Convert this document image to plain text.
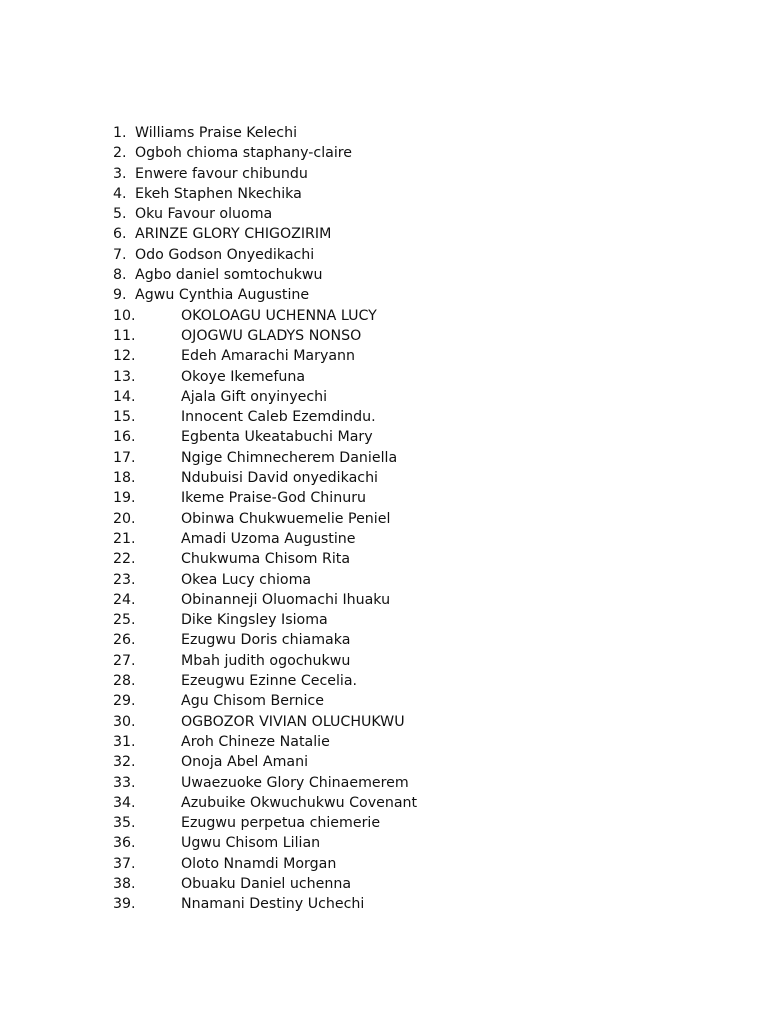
1. Williams Praise Kelechi
2. Ogboh chioma staphany-claire
3. Enwere favour chibundu
4. Ekeh Staphen Nkechika
5. Oku Favour oluoma
6. ARINZE GLORY CHIGOZIRIM
7. Odo Godson Onyedikachi
8. Agbo daniel somtochukwu
9. Agwu Cynthia Augustine
10.	OKOLOAGU UCHENNA LUCY
11.	OJOGWU GLADYS NONSO
12.	Edeh Amarachi Maryann
13.	Okoye Ikemefuna
14.	Ajala Gift onyinyechi
15.	Innocent Caleb Ezemdindu.
16.	Egbenta Ukeatabuchi Mary
17.	Ngige Chimnecherem Daniella
18.	Ndubuisi David onyedikachi
19.	Ikeme Praise-God Chinuru
20.	Obinwa Chukwuemelie Peniel
21.	Amadi Uzoma Augustine
22.	Chukwuma Chisom Rita
23.	Okea Lucy chioma
24.	Obinanneji Oluomachi Ihuaku
25.	Dike Kingsley Isioma
26.	Ezugwu Doris chiamaka
27.	Mbah judith ogochukwu
28.	Ezeugwu Ezinne Cecelia.
29.	Agu Chisom Bernice
30.	OGBOZOR VIVIAN OLUCHUKWU
31.	Aroh Chineze Natalie
32.	Onoja Abel Amani
33.	Uwaezuoke Glory Chinaemerem
34.	Azubuike Okwuchukwu Covenant
35.	Ezugwu perpetua chiemerie
36.	Ugwu Chisom Lilian
37.	Oloto Nnamdi Morgan
38.	Obuaku Daniel uchenna
39.	Nnamani Destiny Uchechi
